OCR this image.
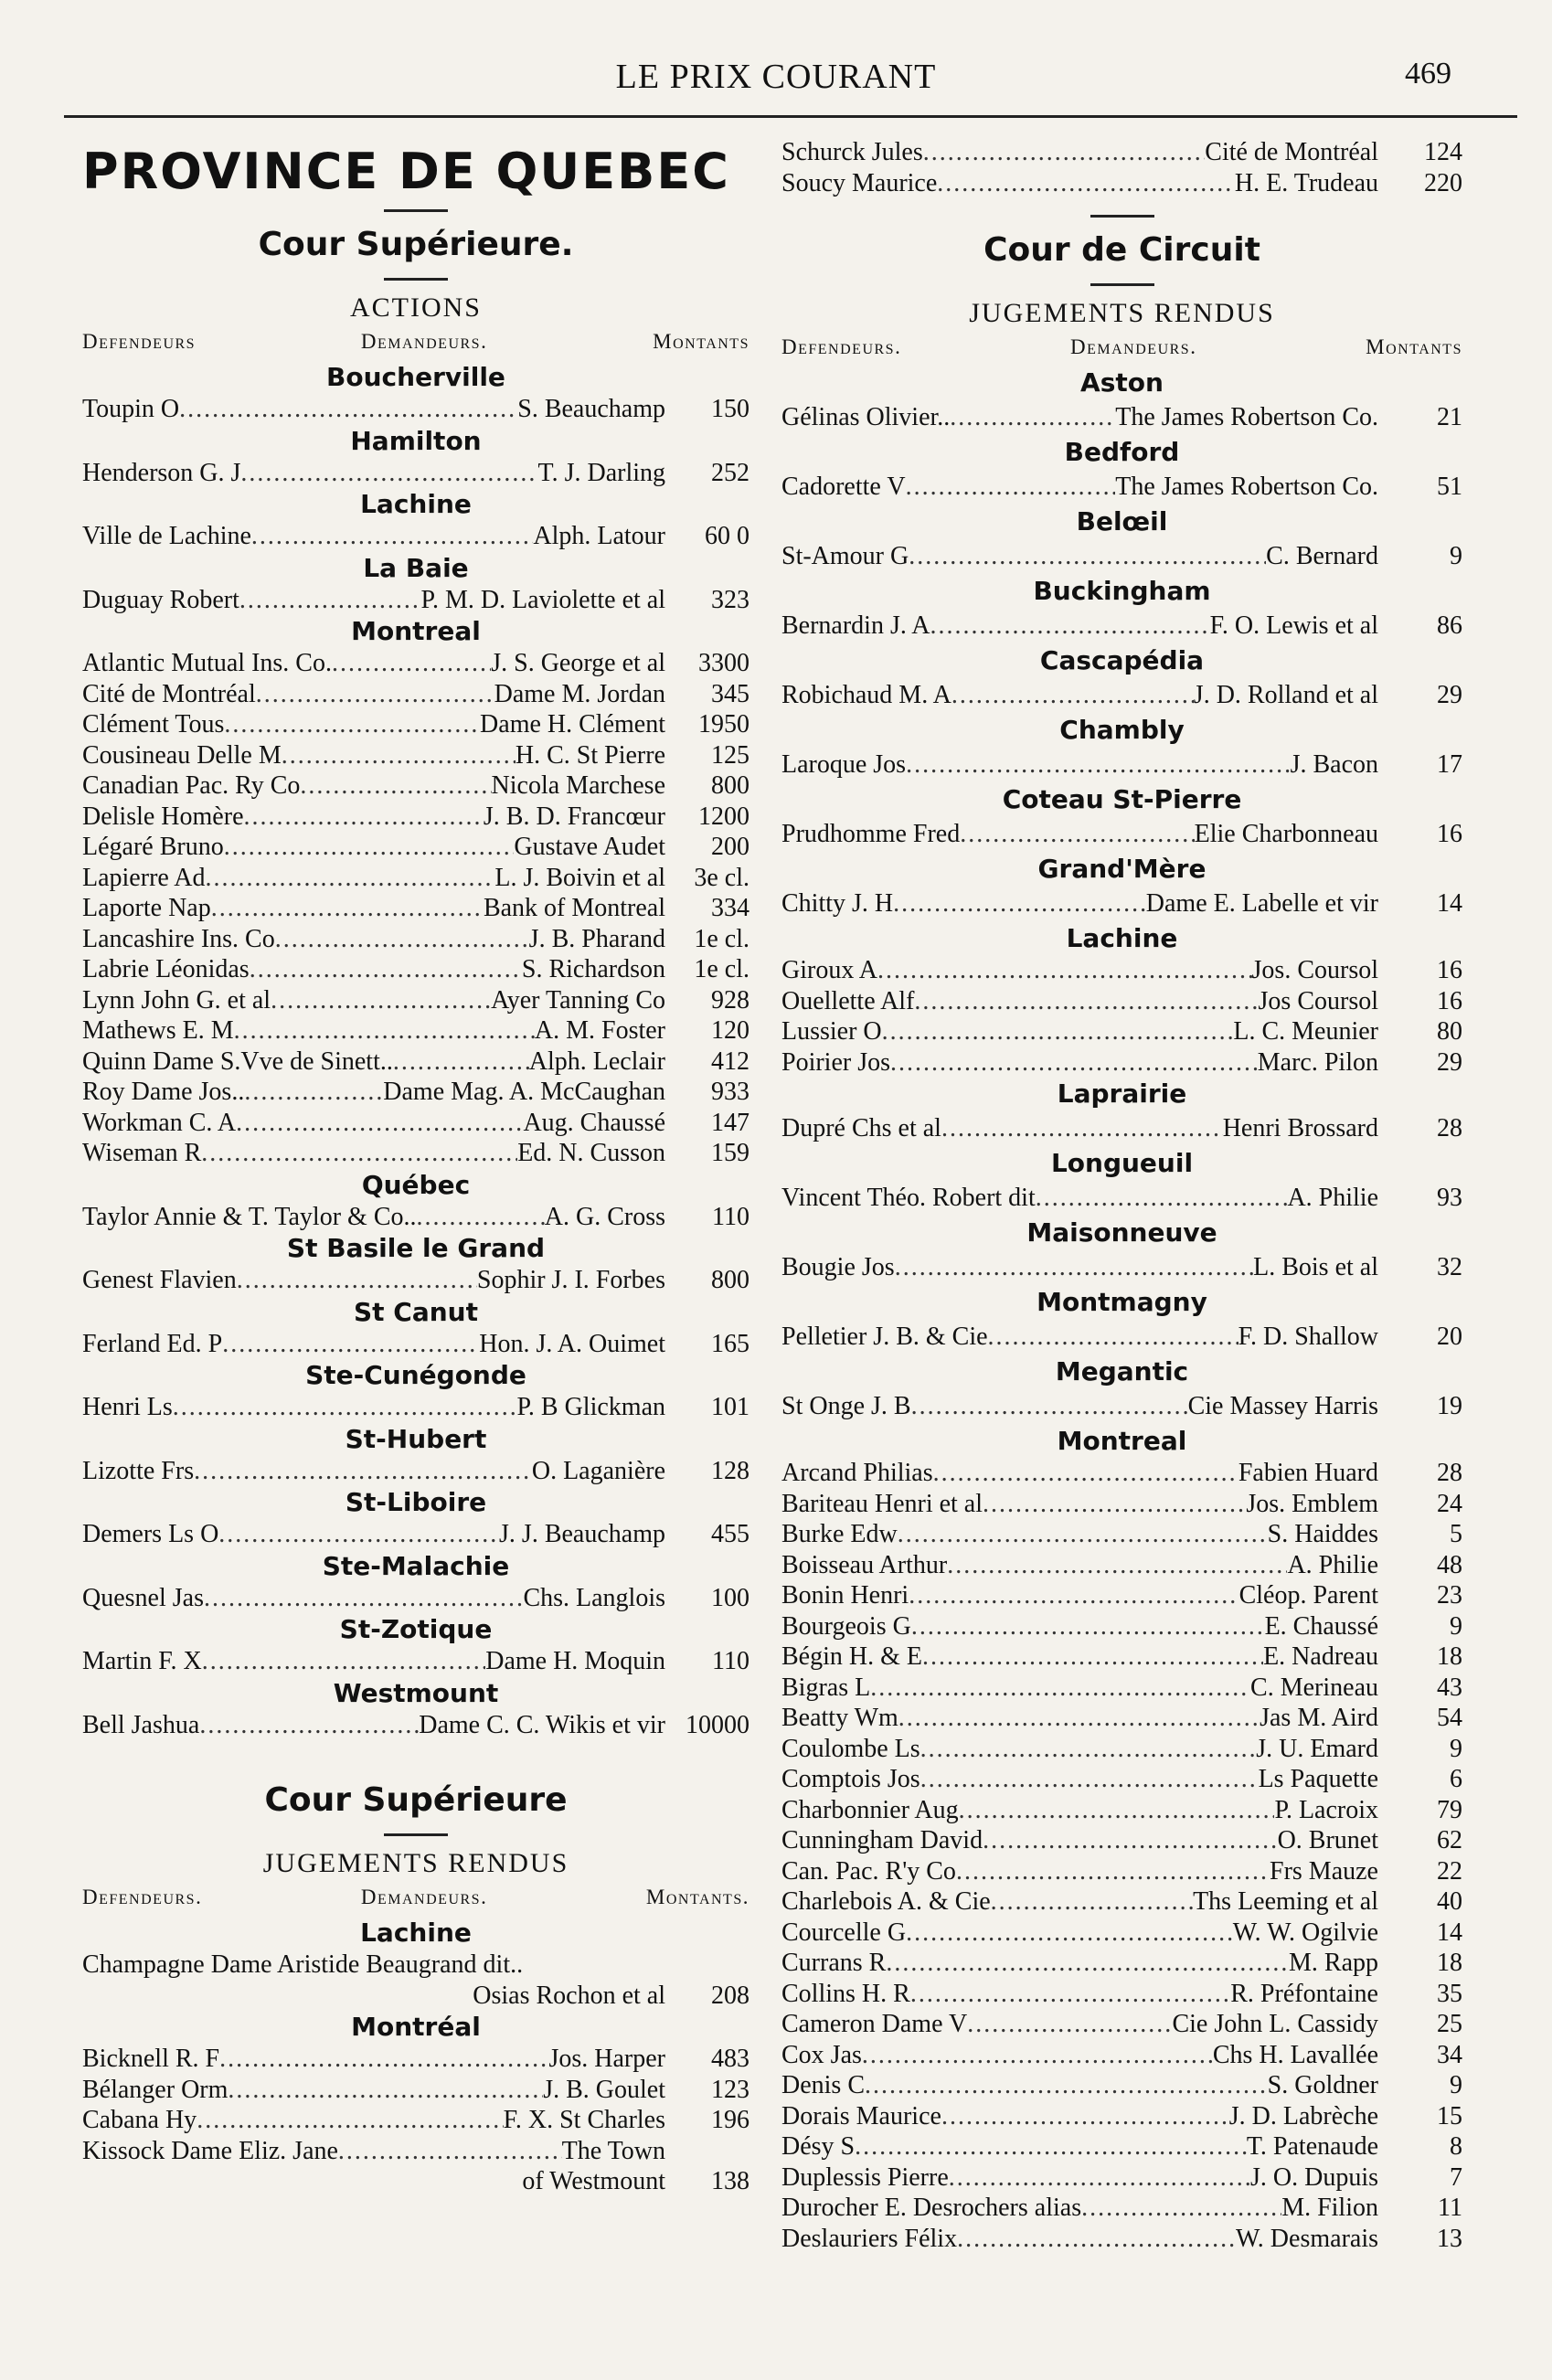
LE PRIX COURANT	469
PROVINCE DE QUEBEC
Cour Supérieure.
ACTIONS
Defendeurs	Demandeurs.	Montants
Boucherville
Toupin O .....	S. Beauchamp	150
Hamilton
Henderson G. J .....	T. J. Darling	252
Lachine
Ville de Lachine .....	Alph. Latour	60 0
La Baie
Duguay Robert .....	P. M. D. Laviolette et al	323
Montreal
Atlantic Mutual Ins. Co. .....	J. S. George et al	3300
Cité de Montréal .....	Dame M. Jordan	345
Clément Tous .....	Dame H. Clément	1950
Cousineau Delle M .....	H. C. St Pierre	125
Canadian Pac. Ry Co .....	Nicola Marchese	800
Delisle Homère .....	J. B. D. Francœur	1200
Légaré Bruno .....	Gustave Audet	200
Lapierre Ad .....	L. J. Boivin et al	3e cl.
Laporte Nap .....	Bank of Montreal	334
Lancashire Ins. Co .....	J. B. Pharand	1e cl.
Labrie Léonidas .....	S. Richardson	1e cl.
Lynn John G. et al .....	Ayer Tanning Co	928
Mathews E. M .....	A. M. Foster	120
Quinn Dame S.Vve de Sinett.. .....	Alph. Leclair	412
Roy Dame Jos.. .....	Dame Mag. A. McCaughan	933
Workman C. A .....	Aug. Chaussé	147
Wiseman R .....	Ed. N. Cusson	159
Québec
Taylor Annie & T. Taylor & Co.. .....	A. G. Cross	110
St Basile le Grand
Genest Flavien .....	Sophir J. I. Forbes	800
St Canut
Ferland Ed. P .....	Hon. J. A. Ouimet	165
Ste-Cunégonde
Henri Ls .....	P. B Glickman	101
St-Hubert
Lizotte Frs .....	O. Laganière	128
St-Liboire
Demers Ls O .....	J. J. Beauchamp	455
Ste-Malachie
Quesnel Jas .....	Chs. Langlois	100
St-Zotique
Martin F. X .....	Dame H. Moquin	110
Westmount
Bell Jashua .....	Dame C. C. Wikis et vir 10000
Cour Supérieure
JUGEMENTS RENDUS
Defendeurs.	Demandeurs.	Montants.
Lachine
Champagne Dame Aristide Beaugrand dit..
Osias Rochon et al	208
Montréal
Bicknell R. F .....	Jos. Harper	483
Bélanger Orm .....	J. B. Goulet	123
Cabana Hy .....	F. X. St Charles	196
Kissock Dame Eliz. Jane .....	The Town
of Westmount	138
Schurck Jules .....	Cité de Montréal	124
Soucy Maurice .....	H. E. Trudeau	220
Cour de Circuit
JUGEMENTS RENDUS
Defendeurs.	Demandeurs.	Montants
Aston
Gélinas Olivier.. .....	The James Robertson Co.	21
Bedford
Cadorette V .....	The James Robertson Co.	51
Belœil
St-Amour G .....	C. Bernard	9
Buckingham
Bernardin J. A .....	F. O. Lewis et al	86
Cascapédia
Robichaud M. A .....	J. D. Rolland et al	29
Chambly
Laroque Jos .....	J. Bacon	17
Coteau St-Pierre
Prudhomme Fred .....	Elie Charbonneau	16
Grand'Mère
Chitty J. H .....	Dame E. Labelle et vir	14
Lachine
Giroux A .....	Jos. Coursol	16
Ouellette Alf .....	Jos Coursol	16
Lussier O .....	L. C. Meunier	80
Poirier Jos .....	Marc. Pilon	29
Laprairie
Dupré Chs et al .....	Henri Brossard	28
Longueuil
Vincent Théo. Robert dit .....	A. Philie	93
Maisonneuve
Bougie Jos .....	L. Bois et al	32
Montmagny
Pelletier J. B. & Cie .....	F. D. Shallow	20
Megantic
St Onge J. B .....	Cie Massey Harris	19
Montreal
Arcand Philias .....	Fabien Huard	28
Bariteau Henri et al .....	Jos. Emblem	24
Burke Edw .....	S. Haiddes	5
Boisseau Arthur .....	A. Philie	48
Bonin Henri .....	Cléop. Parent	23
Bourgeois G .....	E. Chaussé	9
Bégin H. & E .....	E. Nadreau	18
Bigras L .....	C. Merineau	43
Beatty Wm .....	Jas M. Aird	54
Coulombe Ls .....	J. U. Emard	9
Comptois Jos .....	Ls Paquette	6
Charbonnier Aug .....	P. Lacroix	79
Cunningham David .....	O. Brunet	62
Can. Pac. R'y Co .....	Frs Mauze	22
Charlebois A. & Cie .....	Ths Leeming et al	40
Courcelle G .....	W. W. Ogilvie	14
Currans R .....	M. Rapp	18
Collins H. R .....	R. Préfontaine	35
Cameron Dame V .....	Cie John L. Cassidy	25
Cox Jas .....	Chs H. Lavallée	34
Denis C .....	S. Goldner	9
Dorais Maurice .....	J. D. Labrèche	15
Désy S .....	T. Patenaude	8
Duplessis Pierre .....	J. O. Dupuis	7
Durocher E. Desrochers alias .....	M. Filion	11
Deslauriers Félix .....	W. Desmarais	13
